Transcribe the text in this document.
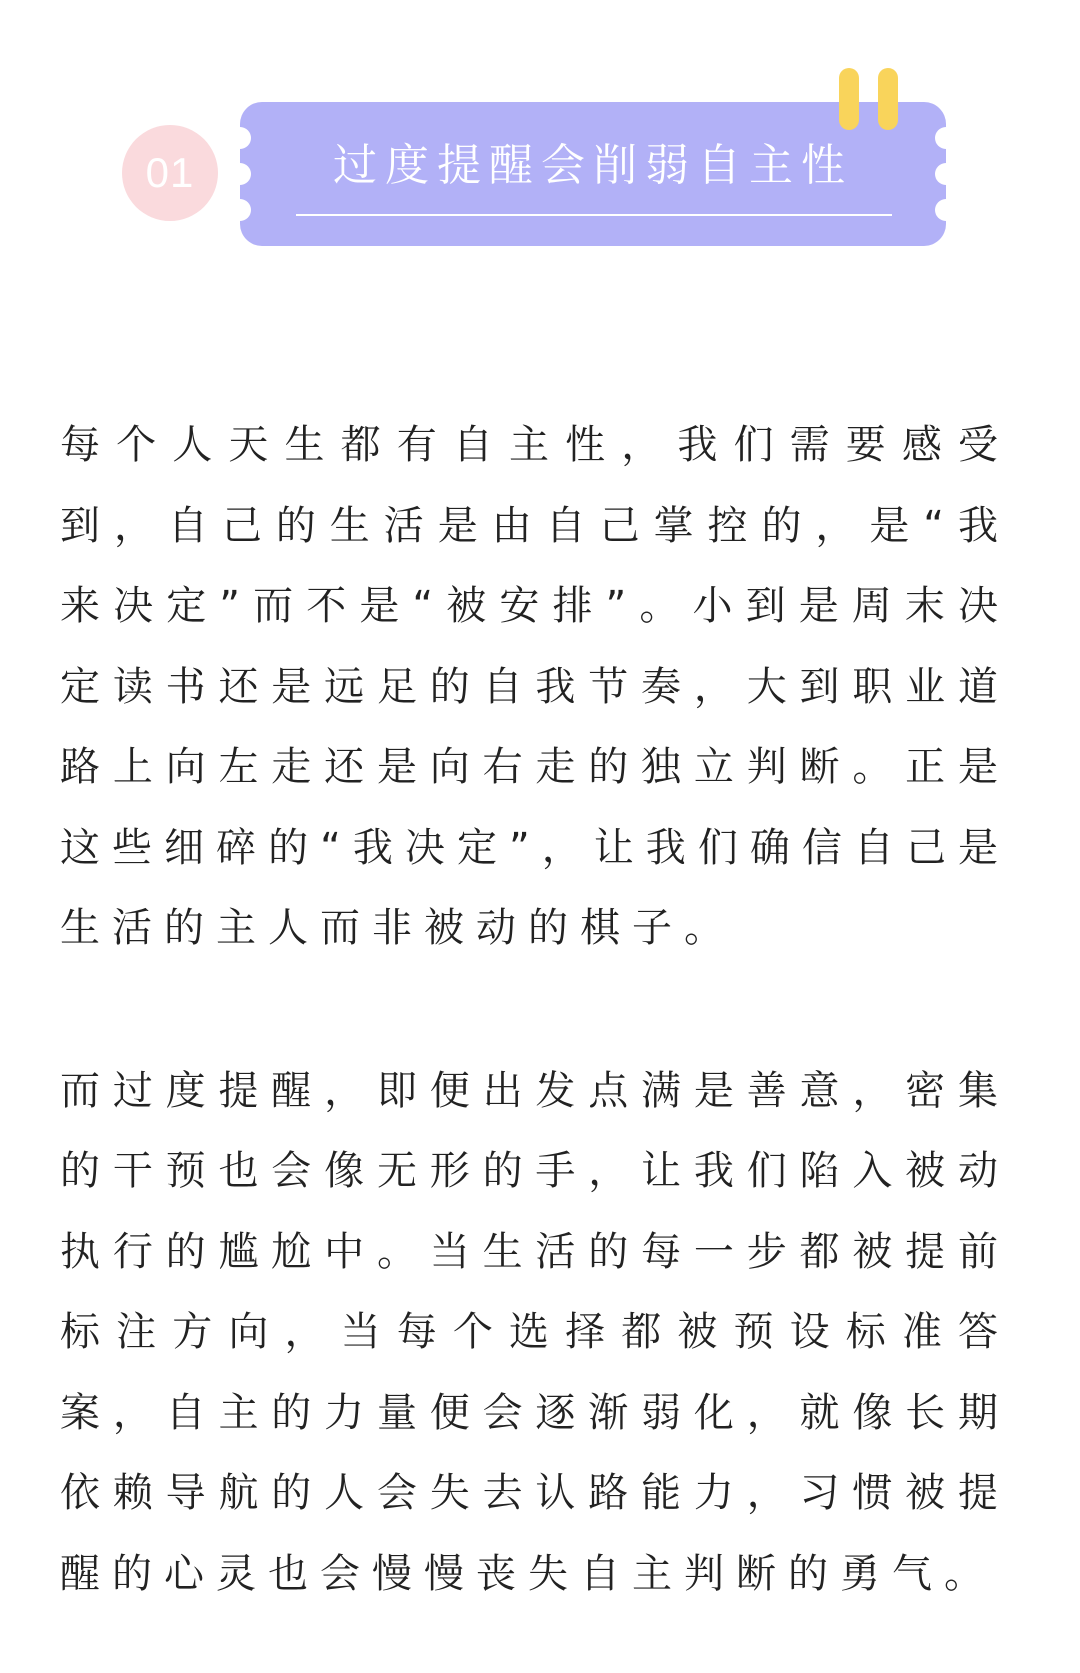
01	过度提醒会削弱自主性

每个人天生都有自主性，我们需要感受到，自己的生活是由自己掌控的，是“我来决定”而不是“被安排”。小到是周末决定读书还是远足的自我节奏，大到职业道路上向左走还是向右走的独立判断。正是这些细碎的“我决定”，让我们确信自己是生活的主人而非被动的棋子。

而过度提醒，即便出发点满是善意，密集的干预也会像无形的手，让我们陷入被动执行的尴尬中。当生活的每一步都被提前标注方向，当每个选择都被预设标准答案，自主的力量便会逐渐弱化，就像长期依赖导航的人会失去认路能力，习惯被提醒的心灵也会慢慢丧失自主判断的勇气。
